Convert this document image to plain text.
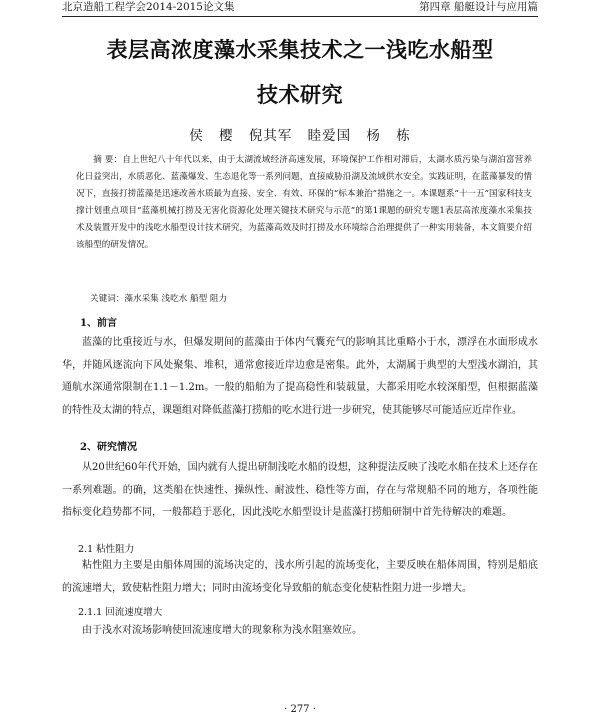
北京造船工程学会2014-2015论文集	第四章 船艇设计与应用篇
表层高浓度藻水采集技术之一浅吃水船型
技术研究
侯 樱 倪其军 睦爱国 杨 栋

摘 要：自上世纪八十年代以来，由于太湖流域经济高速发展，环境保护工作相对滞后，太湖水质污染与湖泊富营养化日益突出，水质恶化、蓝藻爆发、生态退化等一系列问题，直接威胁沿湖及流域供水安全。实践证明，在蓝藻暴发的情况下，直接打捞蓝藻是迅速改善水质最为直接、安全、有效、环保的“标本兼治”措施之一。本课题系“十一五”国家科技支撑计划重点项目“蓝藻机械打捞及无害化资源化处理关键技术研究与示范”的第1课题的研究专题1表层高浓度藻水采集技术及装置开发中的浅吃水船型设计技术研究，为蓝藻高效及时打捞及水环境综合治理提供了一种实用装备，本文简要介绍该船型的研发情况。

关键词：藻水采集 浅吃水 船型 阻力
1、前言

蓝藻的比重接近与水，但爆发期间的蓝藻由于体内气囊充气的影响其比重略小于水，漂浮在水面形成水华，并随风逐流向下风处聚集、堆积，通常愈接近岸边愈是密集。此外，太湖属于典型的大型浅水湖泊，其通航水深通常限制在1.1－1.2m。一般的船舶为了提高稳性和装载量，大都采用吃水较深船型，但根据蓝藻的特性及太湖的特点，课题组对降低蓝藻打捞船的吃水进行进一步研究，使其能够尽可能适应近岸作业。

2、研究情况

从20世纪60年代开始，国内就有人提出研制浅吃水船的设想，这种提法反映了浅吃水船在技术上还存在一系列难题。的确，这类船在快速性、操纵性、耐波性、稳性等方面，存在与常规船不同的地方，各项性能指标变化趋势都不同，一般都趋于恶化，因此浅吃水船型设计是蓝藻打捞船研制中首先待解决的难题。

2.1 粘性阻力

粘性阻力主要是由船体周围的流场决定的，浅水所引起的流场变化，主要反映在船体周围，特别是船底的流速增大，致使粘性阻力增大；同时由流场变化导致船的航态变化使粘性阻力进一步增大。

2.1.1 回流速度增大

由于浅水对流场影响使回流速度增大的现象称为浅水阻塞效应。

· 277 ·
